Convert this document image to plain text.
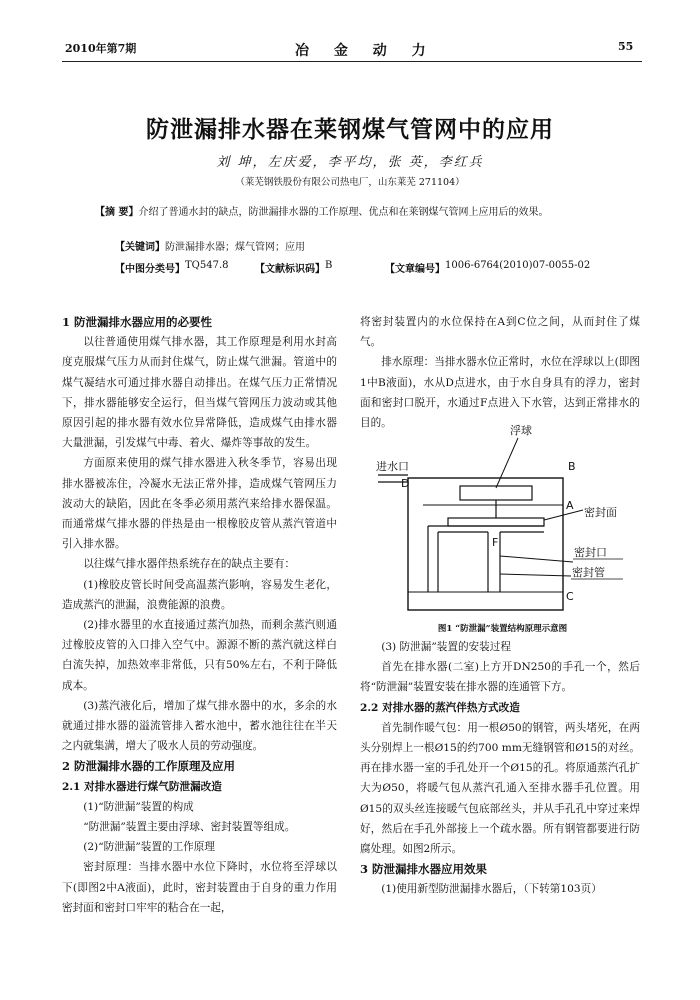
2010年第7期	冶 金 动 力	55
防泄漏排水器在莱钢煤气管网中的应用
刘 坤，左庆爱，李平均，张 英，李红兵
（莱芜钢铁股份有限公司热电厂，山东莱芜 271104）
【摘 要】介绍了普通水封的缺点，防泄漏排水器的工作原理、优点和在莱钢煤气管网上应用后的效果。
【关键词】防泄漏排水器；煤气管网；应用
【中图分类号】 TQ547.8	【文献标识码】 B	【文章编号】 1006-6764(2010)07-0055-02

1 防泄漏排水器应用的必要性

以往普通使用煤气排水器，其工作原理是利用水封高度克服煤气压力从而封住煤气，防止煤气泄漏。管道中的煤气凝结水可通过排水器自动排出。在煤气压力正常情况下，排水器能够安全运行，但当煤气管网压力波动或其他原因引起的排水器有效水位异常降低，造成煤气由排水器大量泄漏，引发煤气中毒、着火、爆炸等事故的发生。

方面原来使用的煤气排水器进入秋冬季节，容易出现排水器被冻住，冷凝水无法正常外排，造成煤气管网压力波动大的缺陷，因此在冬季必须用蒸汽来给排水器保温。而通常煤气排水器的伴热是由一根橡胶皮管从蒸汽管道中引入排水器。

以往煤气排水器伴热系统存在的缺点主要有：

(1)橡胶皮管长时间受高温蒸汽影响，容易发生老化，造成蒸汽的泄漏，浪费能源的浪费。

(2)排水器里的水直接通过蒸汽加热，而剩余蒸汽则通过橡胶皮管的入口排入空气中。源源不断的蒸汽就这样白白流失掉，加热效率非常低，只有50%左右，不利于降低成本。

(3)蒸汽液化后，增加了煤气排水器中的水，多余的水就通过排水器的溢流管排入蓄水池中，蓄水池往往在半天之内就集满，增大了吸水人员的劳动强度。

2 防泄漏排水器的工作原理及应用

2.1 对排水器进行煤气防泄漏改造

(1)“防泄漏”装置的构成

“防泄漏”装置主要由浮球、密封装置等组成。

(2)“防泄漏”装置的工作原理

密封原理：当排水器中水位下降时，水位将至浮球以下(即图2中A液面)，此时，密封装置由于自身的重力作用密封面和密封口牢牢的粘合在一起，

将密封装置内的水位保持在A到C位之间，从而封住了煤气。

排水原理：当排水器水位正常时，水位在浮球以上(即图1中B液面)，水从D点进水，由于水自身具有的浮力，密封面和密封口脱开，水通过F点进入下水管，达到正常排水的目的。

浮球
进水口	B
D
A
密封面
F
密封口
密封管
C
图1 “防泄漏”装置结构原理示意图

(3) 防泄漏”装置的安装过程

首先在排水器(二室)上方开DN250的手孔一个，然后将“防泄漏”装置安装在排水器的连通管下方。

2.2 对排水器的蒸汽伴热方式改造

首先制作暖气包：用一根Ø50的钢管，两头堵死，在两头分别焊上一根Ø15的约700 mm无缝钢管和Ø15的对丝。再在排水器一室的手孔处开一个Ø15的孔。将原通蒸汽孔扩大为Ø50，将暖气包从蒸汽孔通入至排水器手孔位置。用Ø15的双头丝连接暖气包底部丝头，并从手孔孔中穿过来焊好，然后在手孔外部接上一个疏水器。所有钢管都要进行防腐处理。如图2所示。

3 防泄漏排水器应用效果

(1)使用新型防泄漏排水器后，（下转第103页）
